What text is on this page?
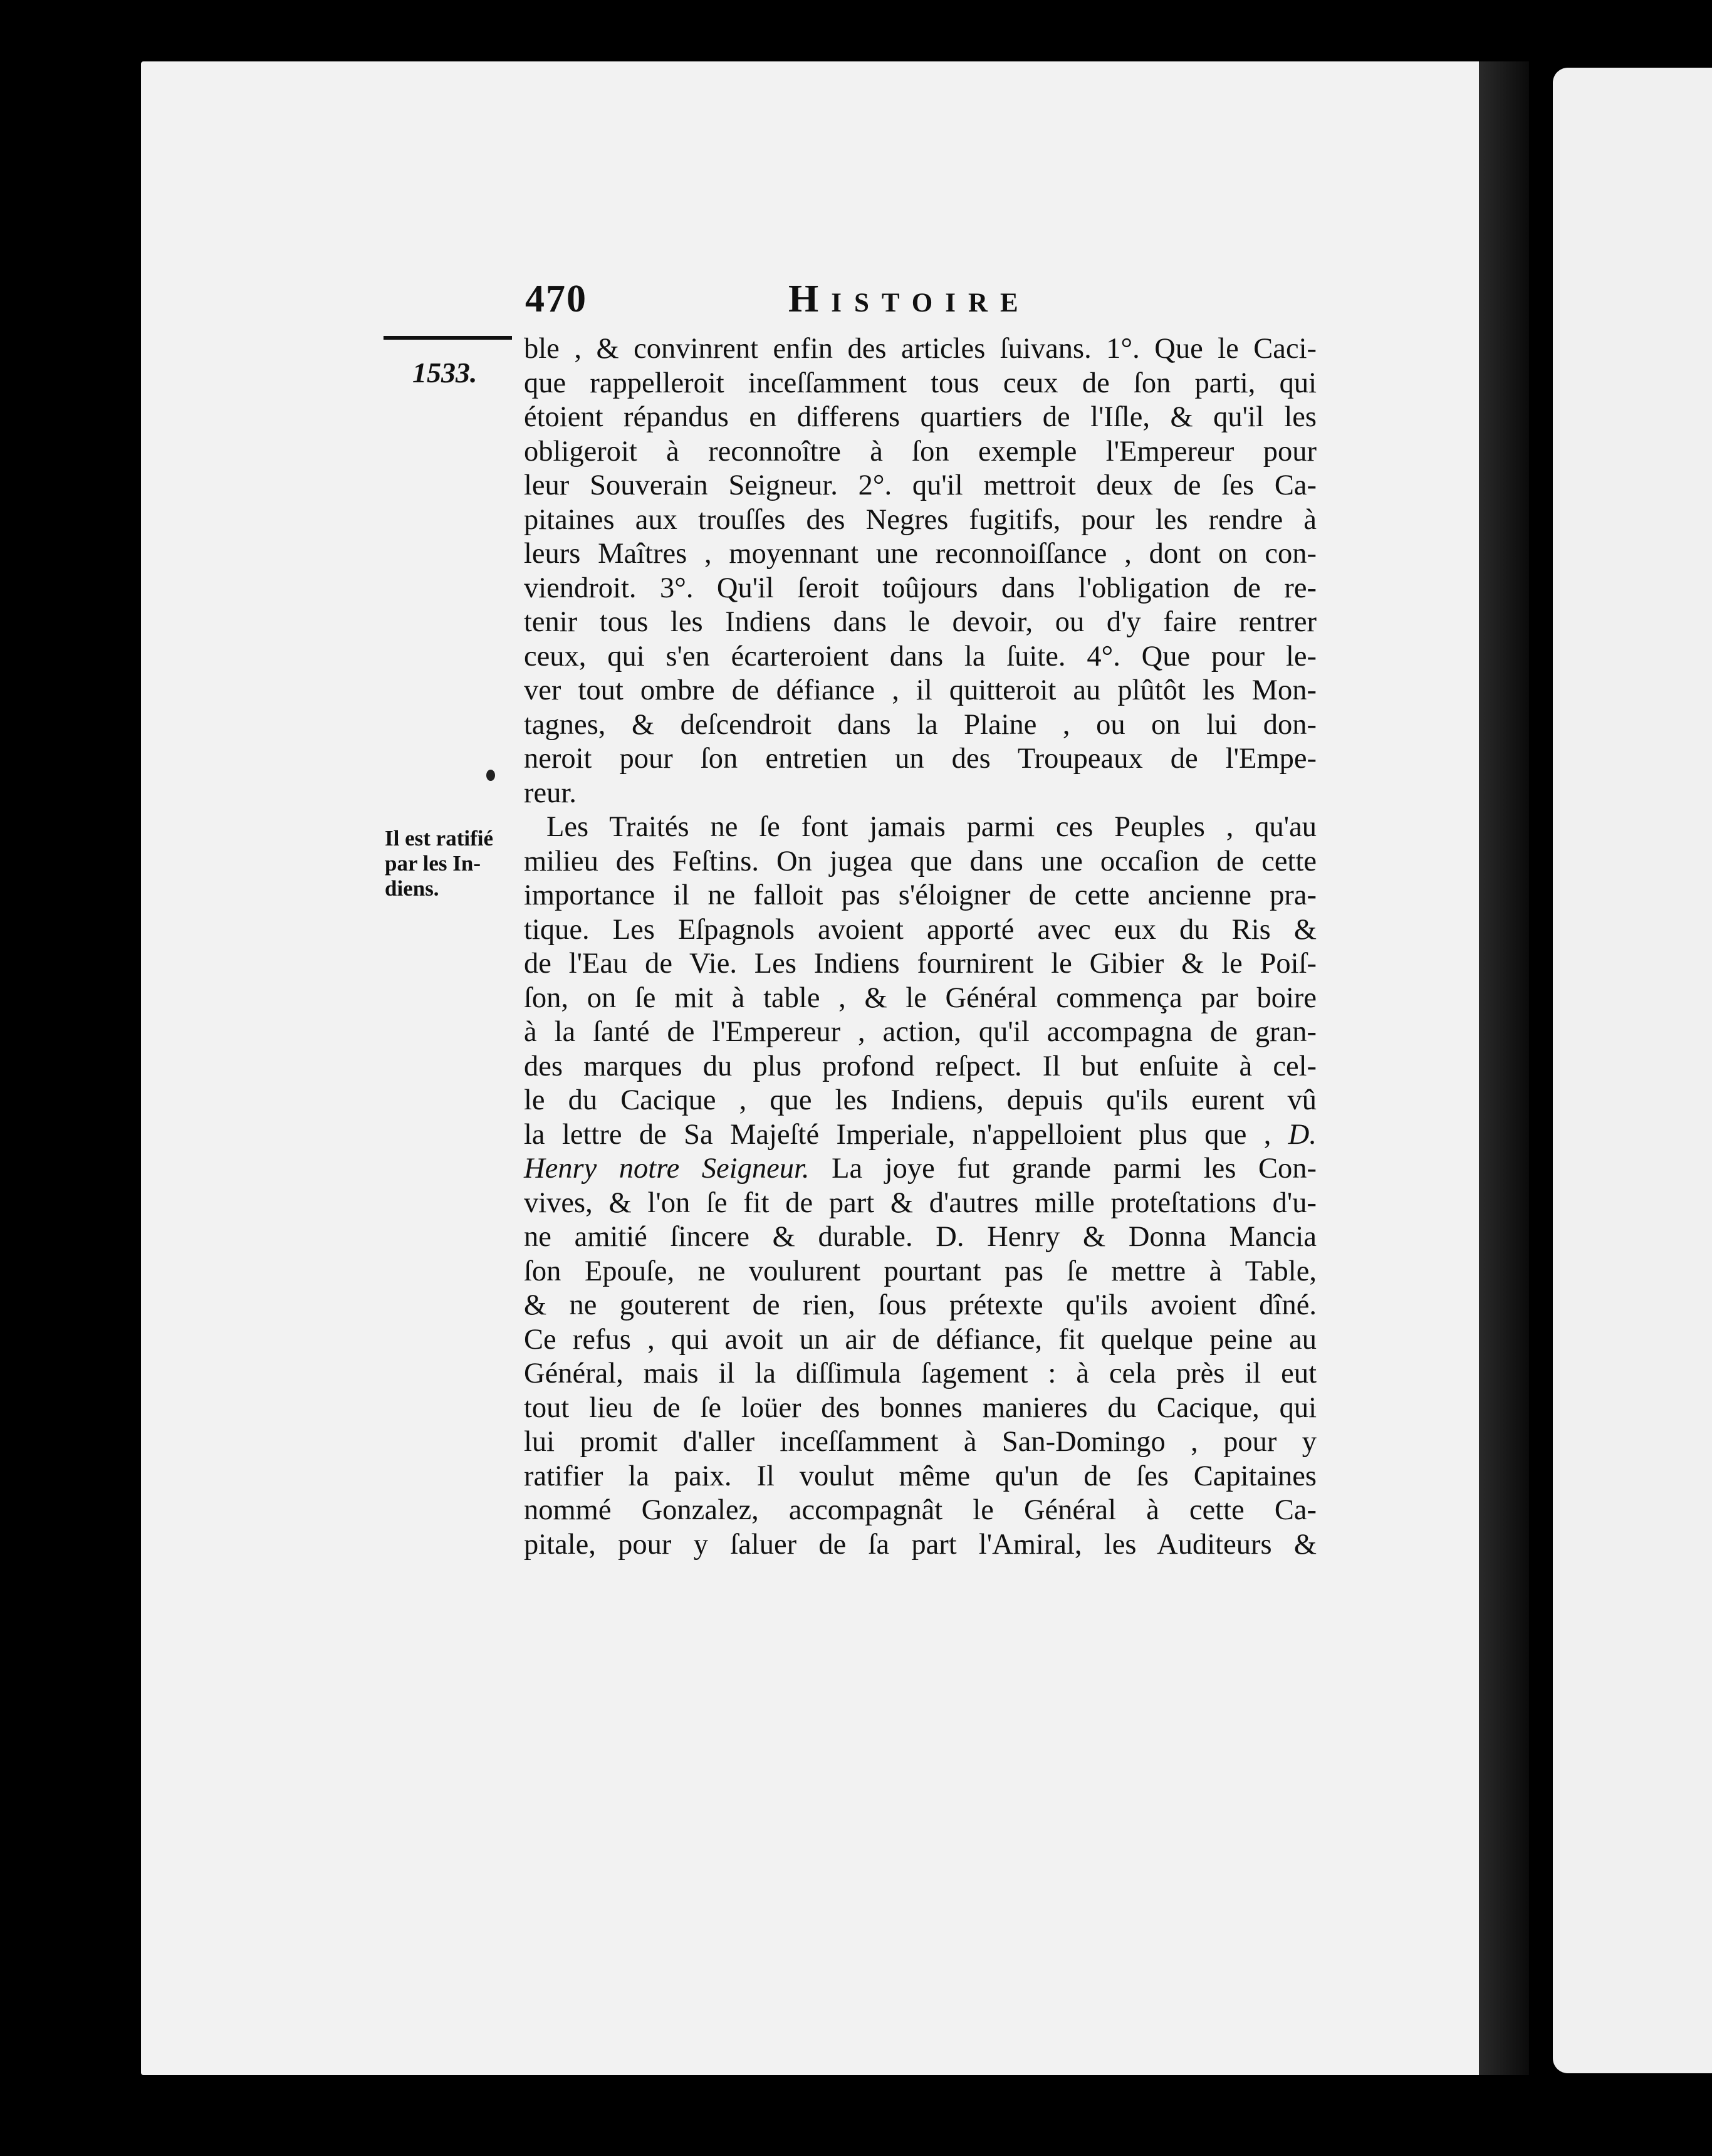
470	Histoire
1533.
Il est ratifié
par les In-
diens.
ble , & convinrent enfin des articles ſuivans. 1°. Que le Caci-
que rappelleroit inceſſamment tous ceux de ſon parti, qui
étoient répandus en differens quartiers de l'Iſle, & qu'il les
obligeroit à reconnoître à ſon exemple l'Empereur pour
leur Souverain Seigneur. 2°. qu'il mettroit deux de ſes Ca-
pitaines aux trouſſes des Negres fugitifs, pour les rendre à
leurs Maîtres , moyennant une reconnoiſſance , dont on con-
viendroit. 3°. Qu'il ſeroit toûjours dans l'obligation de re-
tenir tous les Indiens dans le devoir, ou d'y faire rentrer
ceux, qui s'en écarteroient dans la ſuite. 4°. Que pour le-
ver tout ombre de défiance , il quitteroit au plûtôt les Mon-
tagnes, & deſcendroit dans la Plaine , ou on lui don-
neroit pour ſon entretien un des Troupeaux de l'Empe-
reur.
Les Traités ne ſe font jamais parmi ces Peuples , qu'au
milieu des Feſtins. On jugea que dans une occaſion de cette
importance il ne falloit pas s'éloigner de cette ancienne pra-
tique. Les Eſpagnols avoient apporté avec eux du Ris &
de l'Eau de Vie. Les Indiens fournirent le Gibier & le Poiſ-
ſon, on ſe mit à table , & le Général commença par boire
à la ſanté de l'Empereur , action, qu'il accompagna de gran-
des marques du plus profond reſpect. Il but enſuite à cel-
le du Cacique , que les Indiens, depuis qu'ils eurent vû
la lettre de Sa Majeſté Imperiale, n'appelloient plus que , D.
Henry notre Seigneur. La joye fut grande parmi les Con-
vives, & l'on ſe fit de part & d'autres mille proteſtations d'u-
ne amitié ſincere & durable. D. Henry & Donna Mancia
ſon Epouſe, ne voulurent pourtant pas ſe mettre à Table,
& ne gouterent de rien, ſous prétexte qu'ils avoient dîné.
Ce refus , qui avoit un air de défiance, fit quelque peine au
Général, mais il la diſſimula ſagement : à cela près il eut
tout lieu de ſe loüer des bonnes manieres du Cacique, qui
lui promit d'aller inceſſamment à San-Domingo , pour y
ratifier la paix. Il voulut même qu'un de ſes Capitaines
nommé Gonzalez, accompagnât le Général à cette Ca-
pitale, pour y ſaluer de ſa part l'Amiral, les Auditeurs &
